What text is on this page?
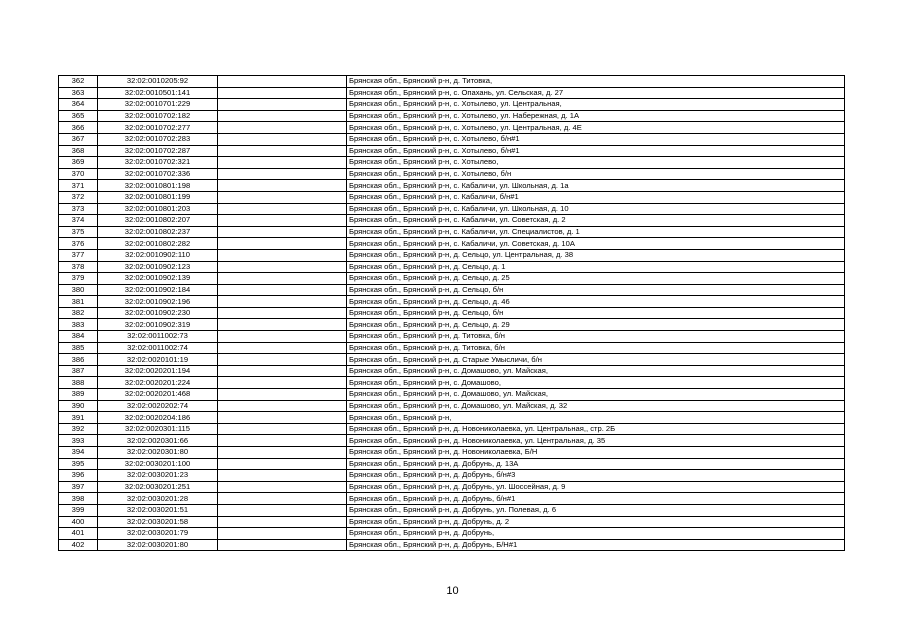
362	32:02:0010205:92		Брянская обл., Брянский р-н, д. Титовка,
363	32:02:0010501:141		Брянская обл., Брянский р-н, с. Опахань, ул. Сельская, д. 27
364	32:02:0010701:229		Брянская обл., Брянский р-н, с. Хотылево, ул. Центральная,
365	32:02:0010702:182		Брянская обл., Брянский р-н, с. Хотылево, ул. Набережная, д. 1А
366	32:02:0010702:277		Брянская обл., Брянский р-н, с. Хотылево, ул. Центральная, д. 4Е
367	32:02:0010702:283		Брянская обл., Брянский р-н, с. Хотылево, б/н#1
368	32:02:0010702:287		Брянская обл., Брянский р-н, с. Хотылево, б/н#1
369	32:02:0010702:321		Брянская обл., Брянский р-н, с. Хотылево,
370	32:02:0010702:336		Брянская обл., Брянский р-н, с. Хотылево, б/н
371	32:02:0010801:198		Брянская обл., Брянский р-н, с. Кабаличи, ул. Школьная, д. 1а
372	32:02:0010801:199		Брянская обл., Брянский р-н, с. Кабаличи, б/н#1
373	32:02:0010801:203		Брянская обл., Брянский р-н, с. Кабаличи, ул. Школьная, д. 10
374	32:02:0010802:207		Брянская обл., Брянский р-н, с. Кабаличи, ул. Советская, д. 2
375	32:02:0010802:237		Брянская обл., Брянский р-н, с. Кабаличи, ул. Специалистов, д. 1
376	32:02:0010802:282		Брянская обл., Брянский р-н, с. Кабаличи, ул. Советская, д. 10А
377	32:02:0010902:110		Брянская обл., Брянский р-н, д. Сельцо, ул. Центральная, д. 38
378	32:02:0010902:123		Брянская обл., Брянский р-н, д. Сельцо, д. 1
379	32:02:0010902:139		Брянская обл., Брянский р-н, д. Сельцо, д. 25
380	32:02:0010902:184		Брянская обл., Брянский р-н, д. Сельцо, б/н
381	32:02:0010902:196		Брянская обл., Брянский р-н, д. Сельцо, д. 46
382	32:02:0010902:230		Брянская обл., Брянский р-н, д. Сельцо, б/н
383	32:02:0010902:319		Брянская обл., Брянский р-н, д. Сельцо, д. 29
384	32:02:0011002:73		Брянская обл., Брянский р-н, д. Титовка, б/н
385	32:02:0011002:74		Брянская обл., Брянский р-н, д. Титовка, б/н
386	32:02:0020101:19		Брянская обл., Брянский р-н, д. Старые Умысличи, б/н
387	32:02:0020201:194		Брянская обл., Брянский р-н, с. Домашово, ул. Майская,
388	32:02:0020201:224		Брянская обл., Брянский р-н, с. Домашово,
389	32:02:0020201:468		Брянская обл., Брянский р-н, с. Домашово, ул. Майская,
390	32:02:0020202:74		Брянская обл., Брянский р-н, с. Домашово, ул. Майская, д. 32
391	32:02:0020204:186		Брянская обл., Брянский р-н,
392	32:02:0020301:115		Брянская обл., Брянский р-н, д. Новониколаевка, ул. Центральная,, стр. 2Б
393	32:02:0020301:66		Брянская обл., Брянский р-н, д. Новониколаевка, ул. Центральная, д. 35
394	32:02:0020301:80		Брянская обл., Брянский р-н, д. Новониколаевка, Б/Н
395	32:02:0030201:100		Брянская обл., Брянский р-н, д. Добрунь, д. 13А
396	32:02:0030201:23		Брянская обл., Брянский р-н, д. Добрунь, б/н#3
397	32:02:0030201:251		Брянская обл., Брянский р-н, д. Добрунь, ул. Шоссейная, д. 9
398	32:02:0030201:28		Брянская обл., Брянский р-н, д. Добрунь, б/н#1
399	32:02:0030201:51		Брянская обл., Брянский р-н, д. Добрунь, ул. Полевая, д. 6
400	32:02:0030201:58		Брянская обл., Брянский р-н, д. Добрунь, д. 2
401	32:02:0030201:79		Брянская обл., Брянский р-н, д. Добрунь,
402	32:02:0030201:80		Брянская обл., Брянский р-н, д. Добрунь, Б/Н#1
10
